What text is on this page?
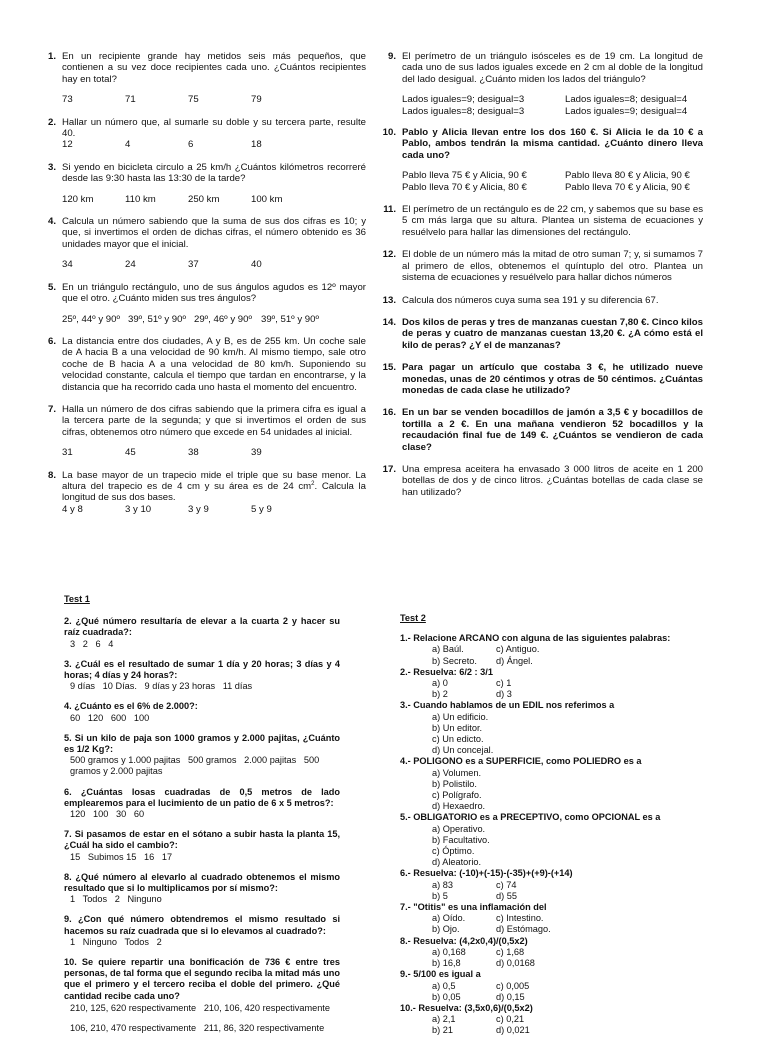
1. En un recipiente grande hay metidos seis más pequeños, que contienen a su vez doce recipientes cada uno. ¿Cuántos recipientes hay en total?
73	71	75	79
2. Hallar un número que, al sumarle su doble y su tercera parte, resulte 40.
12	4	6	18
3. Si yendo en bicicleta circulo a 25 km/h ¿Cuántos kilómetros recorreré desde las 9:30 hasta las 13:30 de la tarde?
120 km	110 km	250 km	100 km
4. Calcula un número sabiendo que la suma de sus dos cifras es 10; y que, si invertimos el orden de dichas cifras, el número obtenido es 36 unidades mayor que el inicial.
34	24	37	40
5. En un triángulo rectángulo, uno de sus ángulos agudos es 12º mayor que el otro. ¿Cuánto miden sus tres ángulos?
25º, 44º y 90º 39º, 51º y 90º 29º, 46º y 90º 39º, 51º y 90º
6. La distancia entre dos ciudades, A y B, es de 255 km. Un coche sale de A hacia B a una velocidad de 90 km/h. Al mismo tiempo, sale otro coche de B hacia A a una velocidad de 80 km/h. Suponiendo su velocidad constante, calcula el tiempo que tardan en encontrarse, y la distancia que ha recorrido cada uno hasta el momento del encuentro.
7. Halla un número de dos cifras sabiendo que la primera cifra es igual a la tercera parte de la segunda; y que si invertimos el orden de sus cifras, obtenemos otro número que excede en 54 unidades al inicial.
31	45	38	39
8. La base mayor de un trapecio mide el triple que su base menor. La altura del trapecio es de 4 cm y su área es de 24 $cm^2$. Calcula la longitud de sus dos bases.
4 y 8	3 y 10	3 y 9	5 y 9
9. El perímetro de un triángulo isósceles es de 19 cm. La longitud de cada uno de sus lados iguales excede en 2 cm al doble de la longitud del lado desigual. ¿Cuánto miden los lados del triángulo?
Lados iguales=9; desigual=3	Lados iguales=8; desigual=4
Lados iguales=8; desigual=3	Lados iguales=9; desigual=4
10. Pablo y Alicia llevan entre los dos 160 €. Si Alicia le da 10 € a Pablo, ambos tendrán la misma cantidad. ¿Cuánto dinero lleva cada uno?
Pablo lleva 75 € y Alicia, 90 €	Pablo lleva 80 € y Alicia, 90 €
Pablo lleva 70 € y Alicia, 80 €	Pablo lleva 70 € y Alicia, 90 €
11. El perímetro de un rectángulo es de 22 cm, y sabemos que su base es 5 cm más larga que su altura. Plantea un sistema de ecuaciones y resuélvelo para hallar las dimensiones del rectángulo.
12. El doble de un número más la mitad de otro suman 7; y, si sumamos 7 al primero de ellos, obtenemos el quíntuplo del otro. Plantea un sistema de ecuaciones y resuélvelo para hallar dichos números
13. Calcula dos números cuya suma sea 191 y su diferencia 67.
14. Dos kilos de peras y tres de manzanas cuestan 7,80 €. Cinco kilos de peras y cuatro de manzanas cuestan 13,20 €. ¿A cómo está el kilo de peras? ¿Y el de manzanas?
15. Para pagar un artículo que costaba 3 €, he utilizado nueve monedas, unas de 20 céntimos y otras de 50 céntimos. ¿Cuántas monedas de cada clase he utilizado?
16. En un bar se venden bocadillos de jamón a 3,5 € y bocadillos de tortilla a 2 €. En una mañana vendieron 52 bocadillos y la recaudación final fue de 149 €. ¿Cuántos se vendieron de cada clase?
17. Una empresa aceitera ha envasado 3 000 litros de aceite en 1 200 botellas de dos y de cinco litros. ¿Cuántas botellas de cada clase se han utilizado?
Test 1
2. ¿Qué número resultaría de elevar a la cuarta 2 y hacer su raíz cuadrada?:
3   2   6   4
3. ¿Cuál es el resultado de sumar 1 día y 20 horas; 3 días y 4 horas; 4 días y 24 horas?:
9 días   10 Días.   9 días y 23 horas   11 días
4. ¿Cuánto es el 6% de 2.000?:
60   120   600   100
5. Si un kilo de paja son 1000 gramos y 2.000 pajitas, ¿Cuánto es 1/2 Kg?:
500 gramos y 1.000 pajitas   500 gramos   2.000 pajitas   500 gramos y 2.000 pajitas
6. ¿Cuántas losas cuadradas de 0,5 metros de lado emplearemos para el lucimiento de un patio de 6 x 5 metros?:
120   100   30   60
7. Si pasamos de estar en el sótano a subir hasta la planta 15, ¿Cuál ha sido el cambio?:
15   Subimos 15   16   17
8. ¿Qué número al elevarlo al cuadrado obtenemos el mismo resultado que si lo multiplicamos por sí mismo?:
1   Todos   2   Ninguno
9. ¿Con qué número obtendremos el mismo resultado si hacemos su raíz cuadrada que si lo elevamos al cuadrado?:
1   Ninguno   Todos   2
10. Se quiere repartir una bonificación de 736 € entre tres personas, de tal forma que el segundo reciba la mitad más uno que el primero y el tercero reciba el doble del primero. ¿Qué cantidad recibe cada uno?
210, 125, 620 respectivamente   210, 106, 420 respectivamente
106, 210, 470 respectivamente   211, 86, 320 respectivamente
Test 2
1.- Relacione ARCANO con alguna de las siguientes palabras:
a) Baúl.	c) Antiguo.
b) Secreto.	d) Ángel.
2.- Resuelva: 6/2 : 3/1
a) 0	c) 1
b) 2	d) 3
3.- Cuando hablamos de un EDIL nos referimos a
a) Un edificio.
b) Un editor.
c) Un edicto.
d) Un concejal.
4.- POLIGONO es a SUPERFICIE, como POLIEDRO es a
a) Volumen.
b) Polistilo.
c) Polígrafo.
d) Hexaedro.
5.- OBLIGATORIO es a PRECEPTIVO, como OPCIONAL es a
a) Operativo.
b) Facultativo.
c) Óptimo.
d) Aleatorio.
6.- Resuelva: (-10)+(-15)-(-35)+(+9)-(+14)
a) 83	c) 74
b) 5	d) 55
7.- "Otitis" es una inflamación del
a) Oído.	c) Intestino.
b) Ojo.	d) Estómago.
8.- Resuelva: (4,2x0,4)/(0,5x2)
a) 0,168	c) 1,68
b) 16,8	d) 0,0168
9.- 5/100 es igual a
a) 0,5	c) 0,005
b) 0,05	d) 0,15
10.- Resuelva: (3,5x0,6)/(0,5x2)
a) 2,1	c) 0,21
b) 21	d) 0,021
